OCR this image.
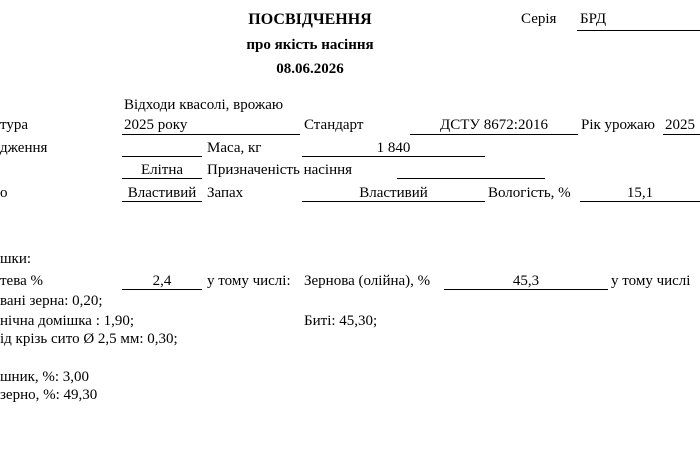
ПОСВІДЧЕННЯ
про якість насіння
08.06.2026
Серія БРД
тура
Відходи квасолі, врожаю
2025 року	Стандарт	ДСТУ 8672:2016	Рік урожаю 2025
дження	Маса, кг	1 840
Елітна	Призначеність насіння
о	Властивий Запах	Властивий	Вологість, %	15,1
шки:
тева %	2,4	у тому числі: Зернова (олійна), %	45,3	у тому числі
вані зерна: 0,20;
нічна домішка : 1,90;	Биті: 45,30;
ід крізь сито Ø 2,5 мм: 0,30;
шник, %: 3,00
зерно, %: 49,30
